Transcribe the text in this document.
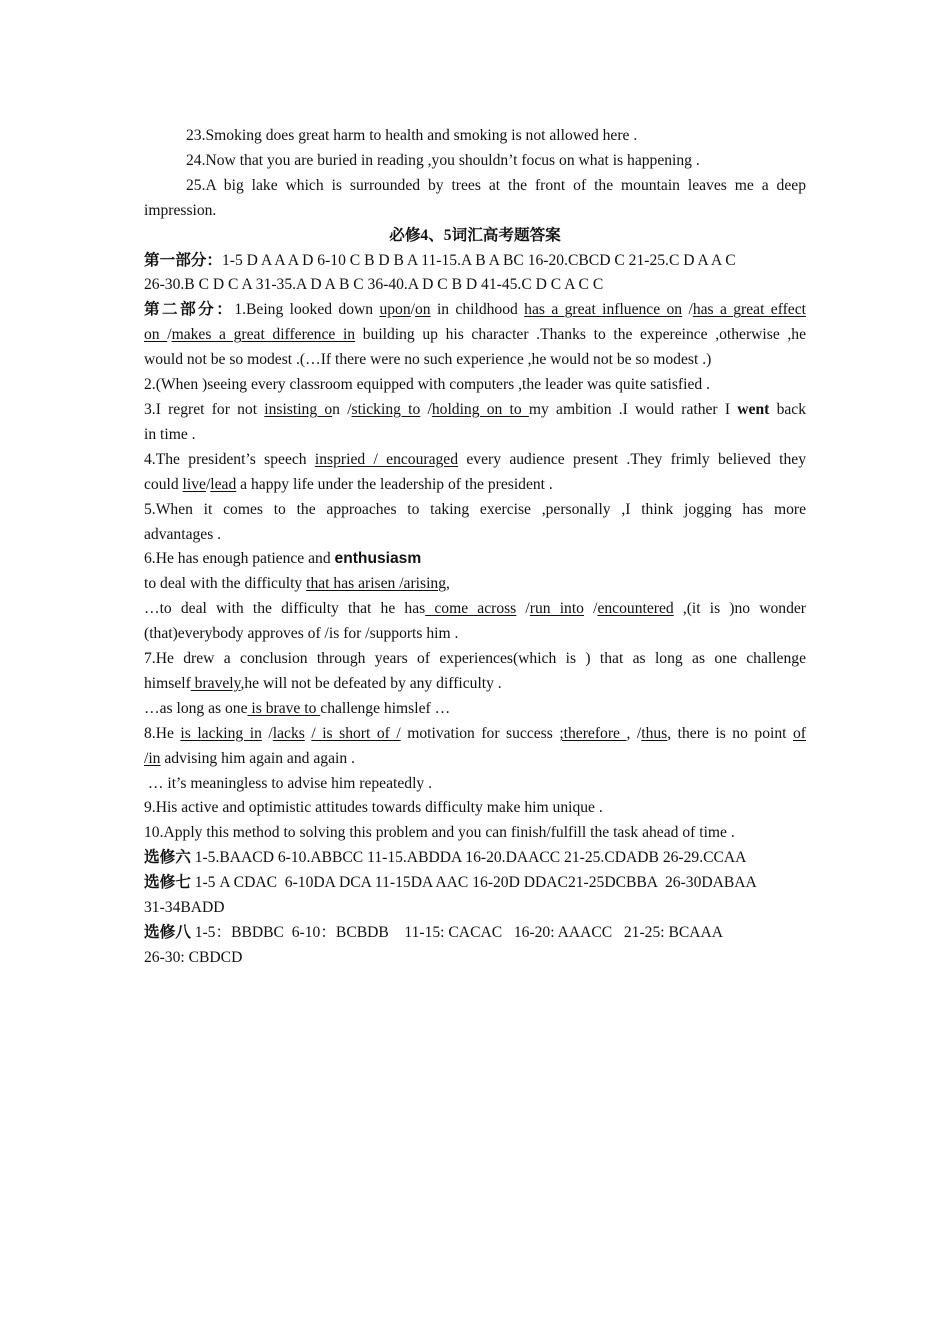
23.Smoking does great harm to health and smoking is not allowed here .
24.Now that you are buried in reading ,you shouldn’t focus on what is happening .
25.A big lake which is surrounded by trees at the front of the mountain leaves me a deep
impression.
必修4、5词汇高考题答案
第一部分：1-5 D A A A D 6-10 C B D B A 11-15.A B A BC 16-20.CBCD C 21-25.C D A A C
26-30.B C D C A 31-35.A D A B C 36-40.A D C B D 41-45.C D C A C C
第二部分：1.Being looked down upon/on in childhood has a great influence on /has a great effect
on /makes a great difference in building up his character .Thanks to the expereince ,otherwise ,he
would not be so modest .(…If there were no such experience ,he would not be so modest .)
2.(When )seeing every classroom equipped with computers ,the leader was quite satisfied .
3.I regret for not insisting on /sticking to /holding on to my ambition .I would rather I went back
in time .
4.The president’s speech inspried / encouraged every audience present .They frimly believed they
could live/lead a happy life under the leadership of the president .
5.When it comes to the approaches to taking exercise ,personally ,I think jogging has more
advantages .
6.He has enough patience and enthusiasm
to deal with the difficulty that has arisen /arising,
…to deal with the difficulty that he has come across /run into /encountered ,(it is )no wonder
(that)everybody approves of /is for /supports him .
7.He drew a conclusion through years of experiences(which is ) that as long as one challenge
himself bravely,he will not be defeated by any difficulty .
…as long as one is brave to challenge himslef …
8.He is lacking in /lacks / is short of / motivation for success ;therefore , /thus, there is no point of
/in advising him again and again .
… it’s meaningless to advise him repeatedly .
9.His active and optimistic attitudes towards difficulty make him unique .
10.Apply this method to solving this problem and you can finish/fulfill the task ahead of time .
选修六 1-5.BAACD 6-10.ABBCC 11-15.ABDDA 16-20.DAACC 21-25.CDADB 26-29.CCAA
选修七 1-5 A CDAC  6-10DA DCA 11-15DA AAC 16-20D DDAC21-25DCBBA  26-30DABAA
31-34BADD
选修八 1-5：BBDBC  6-10：BCBDB    11-15: CACAC   16-20: AAACC   21-25: BCAAA
26-30: CBDCD
